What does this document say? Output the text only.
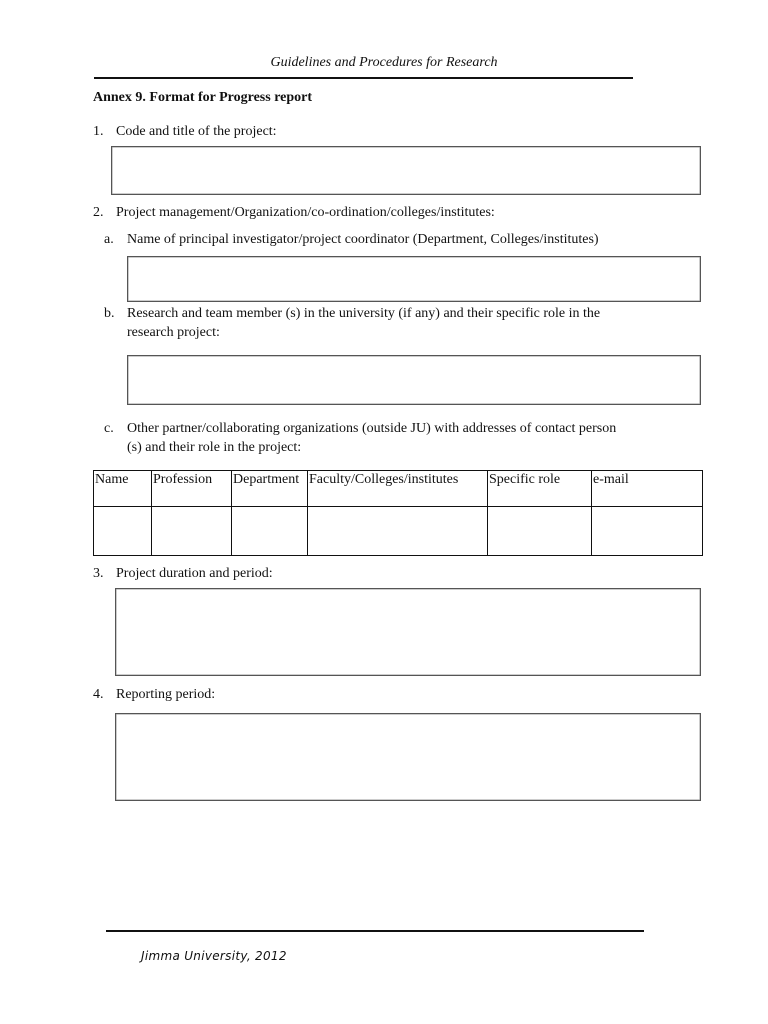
Guidelines and Procedures for Research
Annex 9. Format for Progress report
1. Code and title of the project:
2. Project management/Organization/co-ordination/colleges/institutes:
a. Name of principal investigator/project coordinator (Department, Colleges/institutes)
b. Research and team member (s) in the university (if any) and their specific role in the
research project:
c. Other partner/collaborating organizations (outside JU) with addresses of contact person
(s) and their role in the project:
Name	Profession	Department	Faculty/Colleges/institutes	Specific role	e-mail

3. Project duration and period:
4. Reporting period:
Jimma University, 2012
